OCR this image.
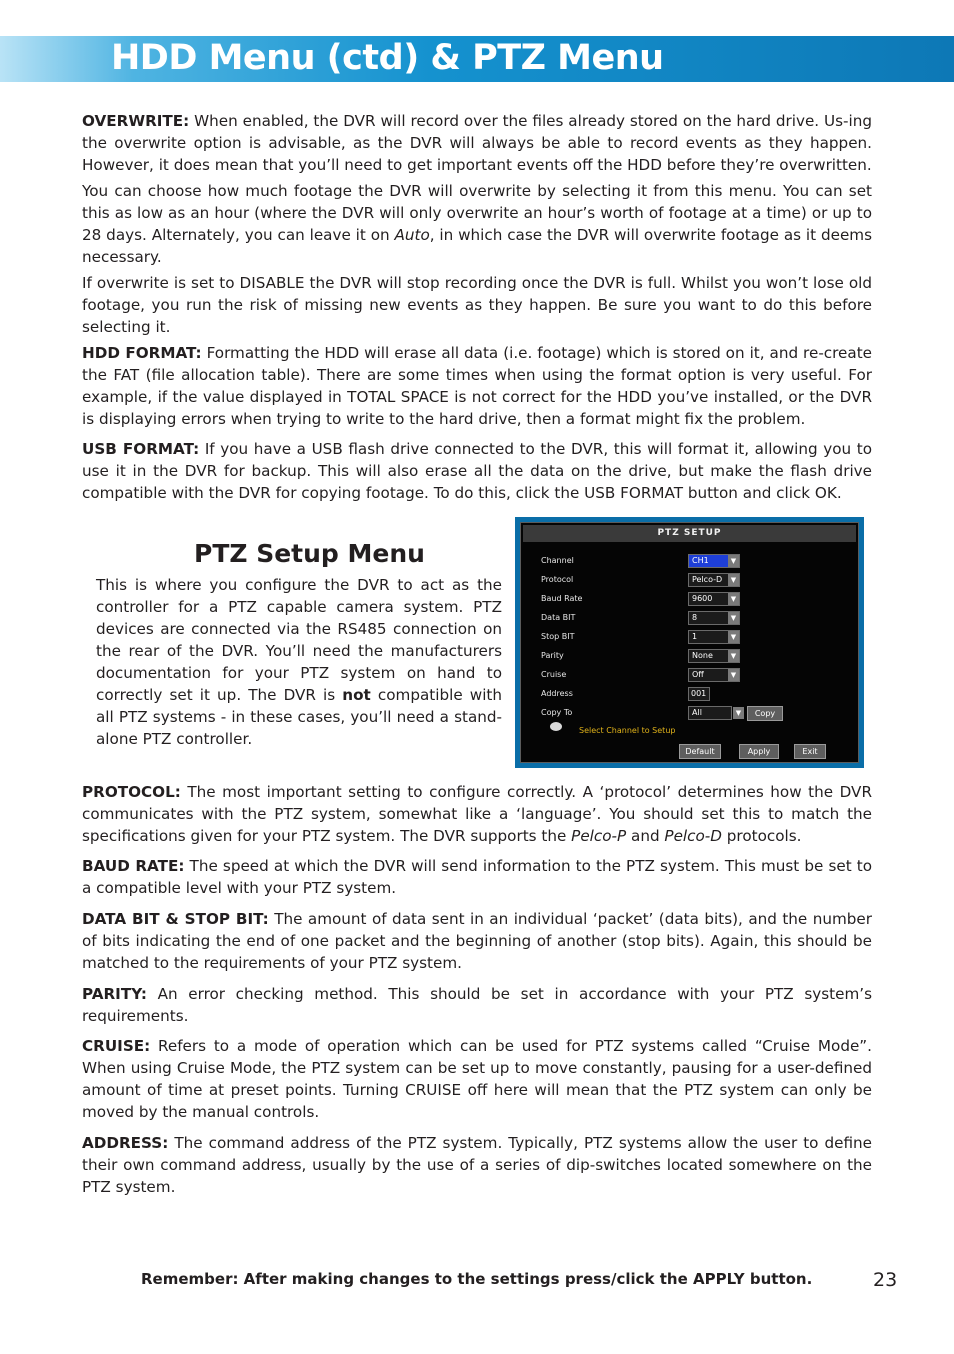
HDD Menu (ctd) & PTZ Menu

OVERWRITE: When enabled, the DVR will record over the files already stored on the hard drive. Us-ing the overwrite option is advisable, as the DVR will always be able to record events as they happen. However, it does mean that you’ll need to get important events off the HDD before they’re overwritten.

You can choose how much footage the DVR will overwrite by selecting it from this menu. You can set this as low as an hour (where the DVR will only overwrite an hour’s worth of footage at a time) or up to 28 days. Alternately, you can leave it on Auto, in which case the DVR will overwrite footage as it deems necessary.

If overwrite is set to DISABLE the DVR will stop recording once the DVR is full. Whilst you won’t lose old footage, you run the risk of missing new events as they happen. Be sure you want to do this before selecting it.

HDD FORMAT: Formatting the HDD will erase all data (i.e. footage) which is stored on it, and re-create the FAT (file allocation table). There are some times when using the format option is very useful. For example, if the value displayed in TOTAL SPACE is not correct for the HDD you’ve installed, or the DVR is displaying errors when trying to write to the hard drive, then a format might fix the problem.

USB FORMAT: If you have a USB flash drive connected to the DVR, this will format it, allowing you to use it in the DVR for backup. This will also erase all the data on the drive, but make the flash drive compatible with the DVR for copying footage. To do this, click the USB FORMAT button and click OK.

PTZ Setup Menu

This is where you configure the DVR to act as the controller for a PTZ capable camera system. PTZ devices are connected via the RS485 connection on the rear of the DVR. You’ll need the manufacturers documentation for your PTZ system on hand to correctly set it up. The DVR is not compatible with all PTZ systems - in these cases, you’ll need a stand-alone PTZ controller.

PTZ SETUP
Channel	CH1	▼
Protocol	Pelco-D	▼
Baud Rate	9600	▼
Data BIT	8	▼
Stop BIT	1	▼
Parity	None	▼
Cruise	Off	▼
Address	001
Copy To	All	▼	Copy
Select Channel to Setup
Default	Apply	Exit

PROTOCOL: The most important setting to configure correctly. A ‘protocol’ determines how the DVR communicates with the PTZ system, somewhat like a ‘language’. You should set this to match the specifications given for your PTZ system. The DVR supports the Pelco-P and Pelco-D protocols.

BAUD RATE: The speed at which the DVR will send information to the PTZ system. This must be set to a compatible level with your PTZ system.

DATA BIT & STOP BIT: The amount of data sent in an individual ‘packet’ (data bits), and the number of bits indicating the end of one packet and the beginning of another (stop bits). Again, this should be matched to the requirements of your PTZ system.

PARITY: An error checking method. This should be set in accordance with your PTZ system’s requirements.

CRUISE: Refers to a mode of operation which can be used for PTZ systems called “Cruise Mode”. When using Cruise Mode, the PTZ system can be set up to move constantly, pausing for a user-defined amount of time at preset points. Turning CRUISE off here will mean that the PTZ system can only be moved by the manual controls.

ADDRESS: The command address of the PTZ system. Typically, PTZ systems allow the user to define their own command address, usually by the use of a series of dip-switches located somewhere on the PTZ system.

Remember: After making changes to the settings press/click the APPLY button.	23
